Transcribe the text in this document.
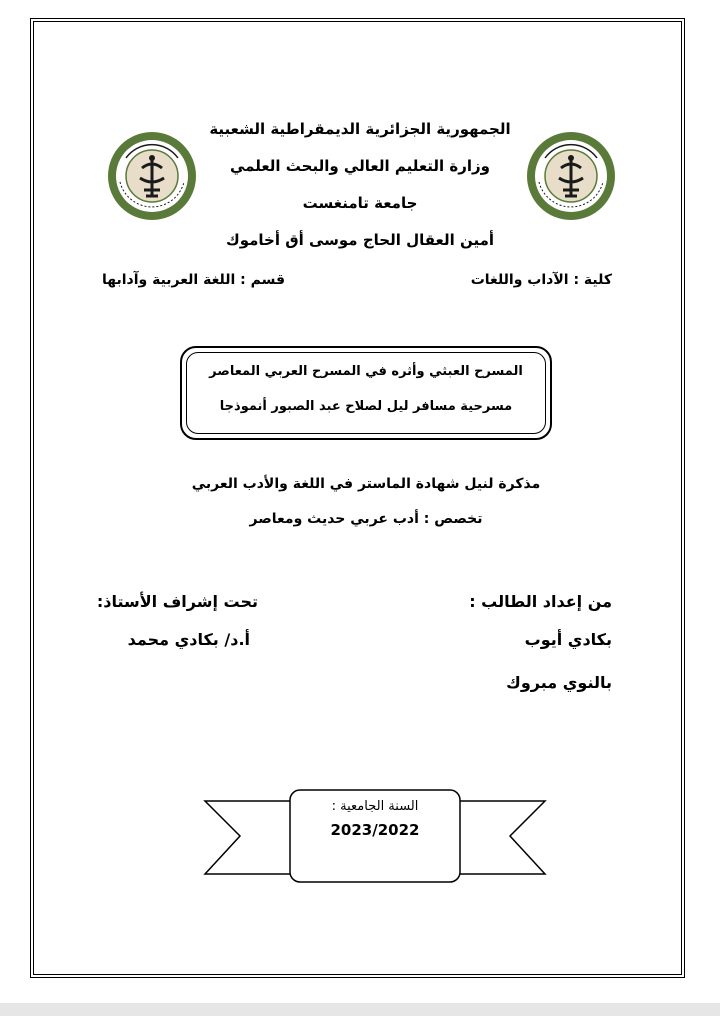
الجمهورية الجزائرية الديمقراطية الشعبية
وزارة التعليم العالي والبحث العلمي
جامعة تامنغست
أمين العقال الحاج موسى أق أخاموك
كلية : الآداب واللغات
قسم : اللغة العربية وآدابها
المسرح العبثي وأثره في المسرح العربي المعاصر
مسرحية مسافر ليل لصلاح عبد الصبور أنموذجا
مذكرة لنيل شهادة الماستر في اللغة والأدب العربي
تخصص : أدب عربي حديث ومعاصر
من إعداد الطالب :
تحت إشراف الأستاذ:
بكادي أيوب
أ.د/ بكادي محمد
بالنوي مبروك
السنة الجامعية :
2023/2022
